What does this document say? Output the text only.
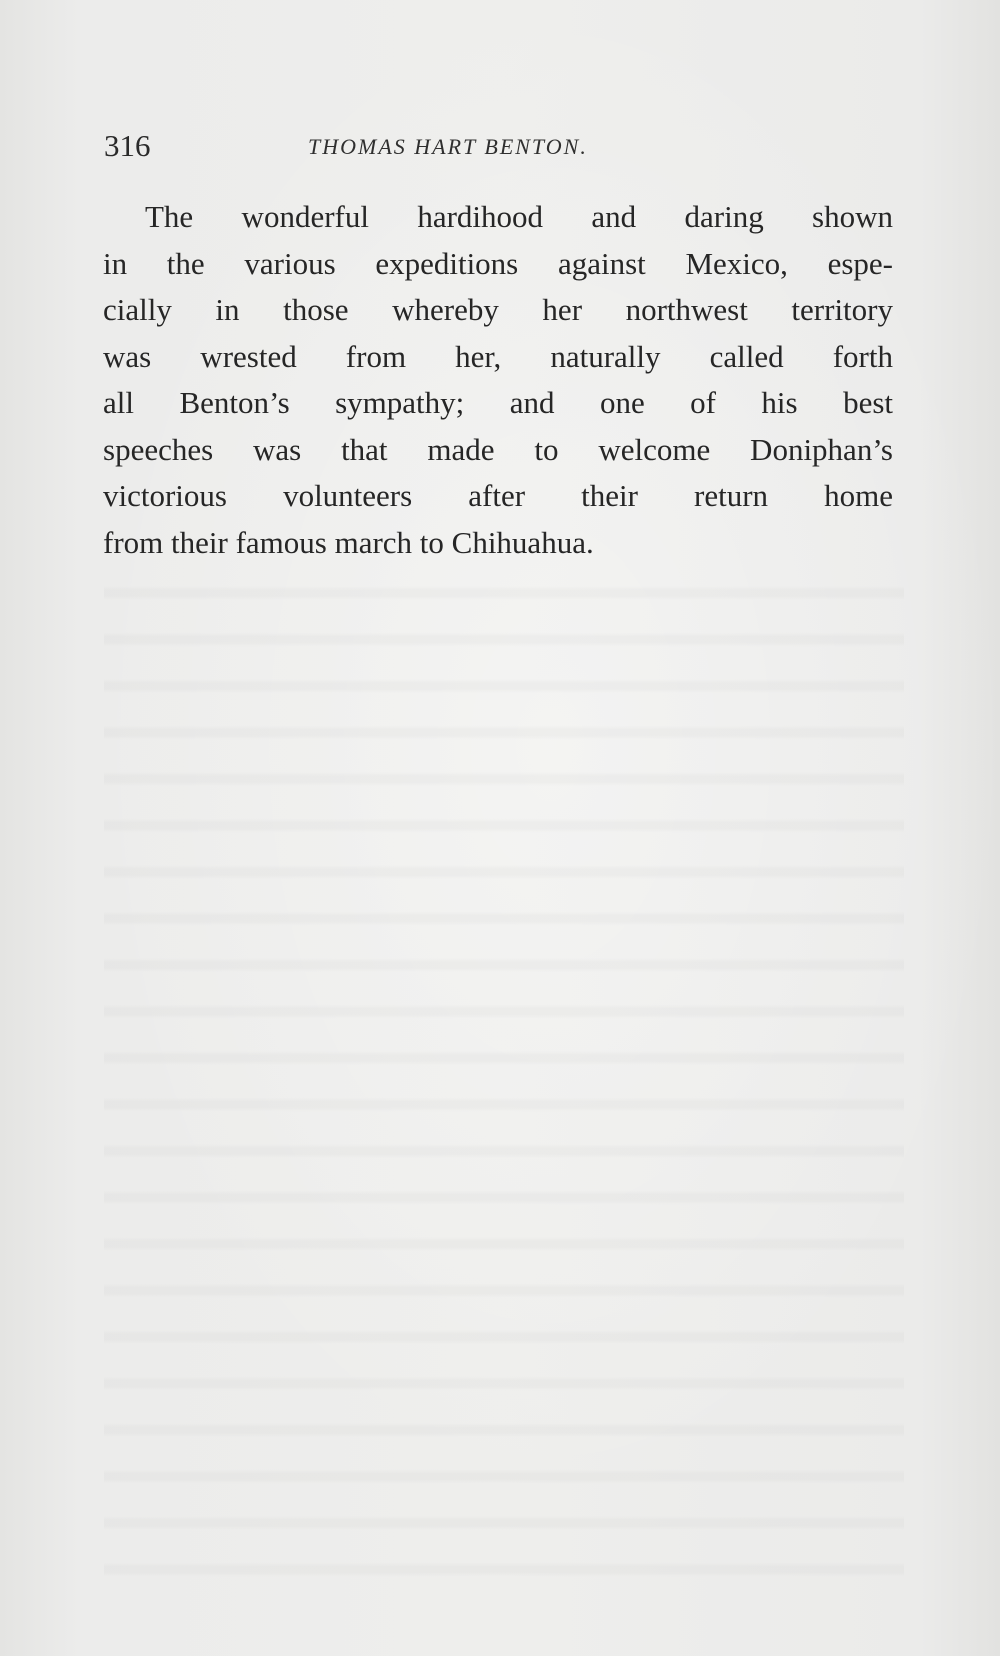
316	THOMAS HART BENTON.
The wonderful hardihood and daring shown
in the various expeditions against Mexico, espe-
cially in those whereby her northwest territory
was wrested from her, naturally called forth
all Benton’s sympathy; and one of his best
speeches was that made to welcome Doniphan’s
victorious volunteers after their return home
from their famous march to Chihuahua.
